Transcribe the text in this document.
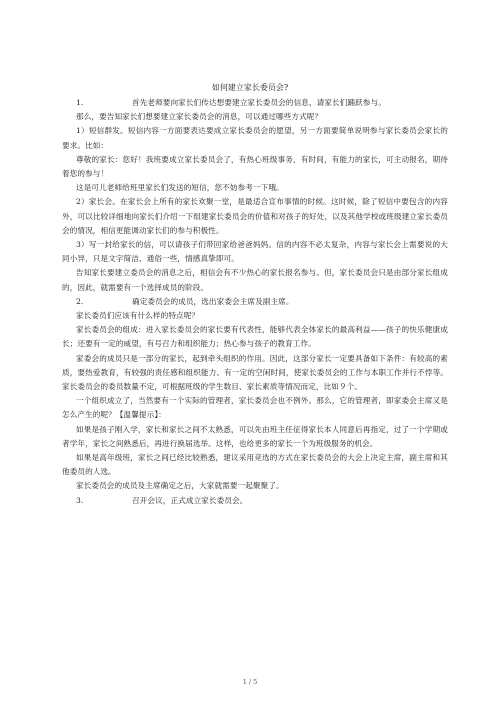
如何建立家长委员会?

1.	首先老师要向家长们传达想要建立家长委员会的信息，请家长们踊跃参与。

那么，要告知家长们想要建立家长委员会的消息，可以通过哪些方式呢？

1）短信群发。短信内容一方面要表达要成立家长委员会的愿望，另一方面要简单说明参与家长委员会家长的要求。比如：

尊敬的家长：您好！我班要成立家长委员会了，有热心班级事务，有时间，有能力的家长，可主动报名，期待着您的参与！

这是可儿老师给班里家长们发送的短信，您不妨参考一下哦。

2）家长会。在家长会上所有的家长欢聚一堂，是最适合宣布事情的时候。这时候，除了短信中要包含的内容外，可以比较详细地向家长们介绍一下组建家长委员会的价值和对孩子的好处，以及其他学校或班级建立家长委员会的情况，相信更能调动家长们的参与积极性。

3）写一封给家长的信，可以请孩子们带回家给爸爸妈妈。信的内容不必太复杂，内容与家长会上需要说的大同小异，只是文字简洁、通俗一些，情感真挚即可。

告知家长要建立委员会的消息之后，相信会有不少热心的家长报名参与。但，家长委员会只是由部分家长组成的，因此，就需要有一个选择成员的阶段。

2.	确定委员会的成员，选出家委会主席及副主席。

家长委员们应该有什么样的特点呢？

家长委员会的组成：进入家长委员会的家长要有代表性，能够代表全体家长的最高利益——孩子的快乐健康成长；还要有一定的威望，有号召力和组织能力；热心参与孩子的教育工作。

家委会的成员只是一部分的家长，起到牵头组织的作用。因此，这部分家长一定要具备如下条件：有较高的素质，要热爱教育，有较强的责任感和组织能力、有一定的空闲时间，使家长委员会的工作与本职工作并行不悖等。家长委员会的委员数量不定，可根据班级的学生数目、家长素质等情况而定，比如９个。

一个组织成立了，当然要有一个实际的管理者，家长委员会也不例外。那么，它的管理者，即家委会主席又是怎么产生的呢？【温馨提示】：

如果是孩子刚入学，家长和家长之间不太熟悉，可以先由班主任征得家长本人同意后再指定，过了一个学期或者学年，家长之间熟悉后，再进行换届选举。这样，也给更多的家长一个为班级服务的机会。

如果是高年级班，家长之间已经比较熟悉，建议采用竞选的方式在家长委员会的大会上决定主席，副主席和其他委员的人选。

家长委员会的成员及主席确定之后，大家就需要一起聚聚了。

3.	召开会议，正式成立家长委员会。

1 / 5
